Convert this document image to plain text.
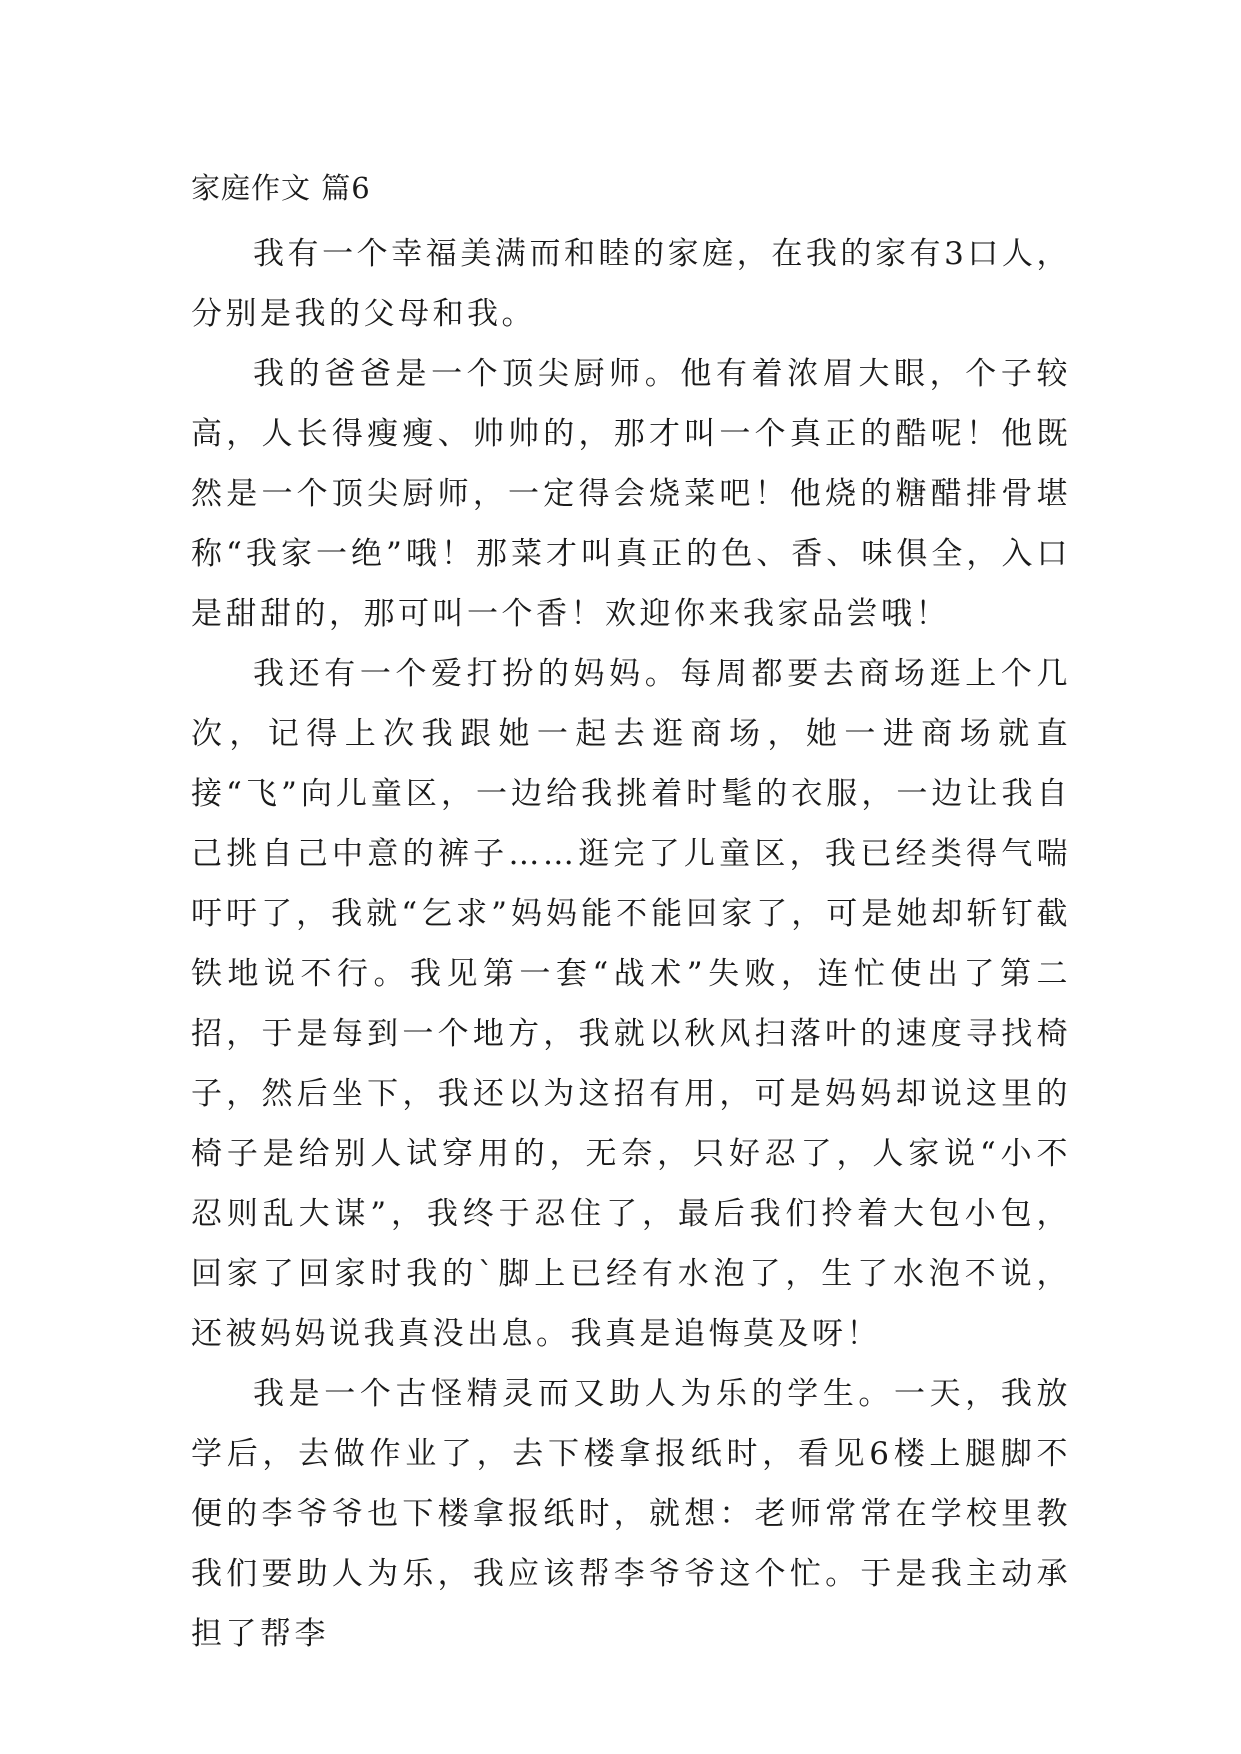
家庭作文 篇6

我有一个幸福美满而和睦的家庭，在我的家有3口人，分别是我的父母和我。

我的爸爸是一个顶尖厨师。他有着浓眉大眼，个子较高，人长得瘦瘦、帅帅的，那才叫一个真正的酷呢！他既然是一个顶尖厨师，一定得会烧菜吧！他烧的糖醋排骨堪称“我家一绝”哦！那菜才叫真正的色、香、味俱全，入口是甜甜的，那可叫一个香！欢迎你来我家品尝哦！

我还有一个爱打扮的妈妈。每周都要去商场逛上个几次，记得上次我跟她一起去逛商场，她一进商场就直接“飞”向儿童区，一边给我挑着时髦的衣服，一边让我自己挑自己中意的裤子……逛完了儿童区，我已经类得气喘吁吁了，我就“乞求”妈妈能不能回家了，可是她却斩钉截铁地说不行。我见第一套“战术”失败，连忙使出了第二招，于是每到一个地方，我就以秋风扫落叶的速度寻找椅子，然后坐下，我还以为这招有用，可是妈妈却说这里的椅子是给别人试穿用的，无奈，只好忍了，人家说“小不忍则乱大谋”，我终于忍住了，最后我们拎着大包小包，回家了回家时我的`脚上已经有水泡了，生了水泡不说，还被妈妈说我真没出息。我真是追悔莫及呀！

我是一个古怪精灵而又助人为乐的学生。一天，我放学后，去做作业了，去下楼拿报纸时，看见6楼上腿脚不便的李爷爷也下楼拿报纸时，就想：老师常常在学校里教我们要助人为乐，我应该帮李爷爷这个忙。于是我主动承担了帮李
